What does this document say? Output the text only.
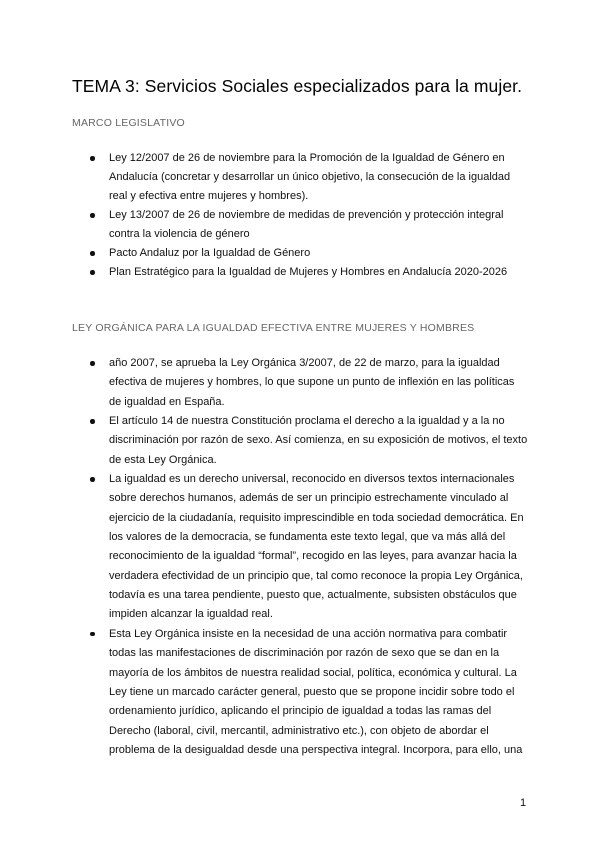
TEMA 3: Servicios Sociales especializados para la mujer.
MARCO LEGISLATIVO
Ley 12/2007 de 26 de noviembre para la Promoción de la Igualdad de Género en Andalucía (concretar y desarrollar un único objetivo, la consecución de la igualdad real y efectiva entre mujeres y hombres).
Ley 13/2007 de 26 de noviembre de medidas de prevención y protección integral contra la violencia de género
Pacto Andaluz por la Igualdad de Género
Plan Estratégico para la Igualdad de Mujeres y Hombres en Andalucía 2020-2026
LEY ORGÁNICA PARA LA IGUALDAD EFECTIVA ENTRE MUJERES Y HOMBRES
año 2007, se aprueba la Ley Orgánica 3/2007, de 22 de marzo, para la igualdad efectiva de mujeres y hombres, lo que supone un punto de inflexión en las políticas de igualdad en España.
El artículo 14 de nuestra Constitución proclama el derecho a la igualdad y a la no discriminación por razón de sexo. Así comienza, en su exposición de motivos, el texto de esta Ley Orgánica.
La igualdad es un derecho universal, reconocido en diversos textos internacionales sobre derechos humanos, además de ser un principio estrechamente vinculado al ejercicio de la ciudadanía, requisito imprescindible en toda sociedad democrática. En los valores de la democracia, se fundamenta este texto legal, que va más allá del reconocimiento de la igualdad “formal”, recogido en las leyes, para avanzar hacia la verdadera efectividad de un principio que, tal como reconoce la propia Ley Orgánica, todavía es una tarea pendiente, puesto que, actualmente, subsisten obstáculos que impiden alcanzar la igualdad real.
Esta Ley Orgánica insiste en la necesidad de una acción normativa para combatir todas las manifestaciones de discriminación por razón de sexo que se dan en la mayoría de los ámbitos de nuestra realidad social, política, económica y cultural. La Ley tiene un marcado carácter general, puesto que se propone incidir sobre todo el ordenamiento jurídico, aplicando el principio de igualdad a todas las ramas del Derecho (laboral, civil, mercantil, administrativo etc.), con objeto de abordar el problema de la desigualdad desde una perspectiva integral. Incorpora, para ello, una
1
